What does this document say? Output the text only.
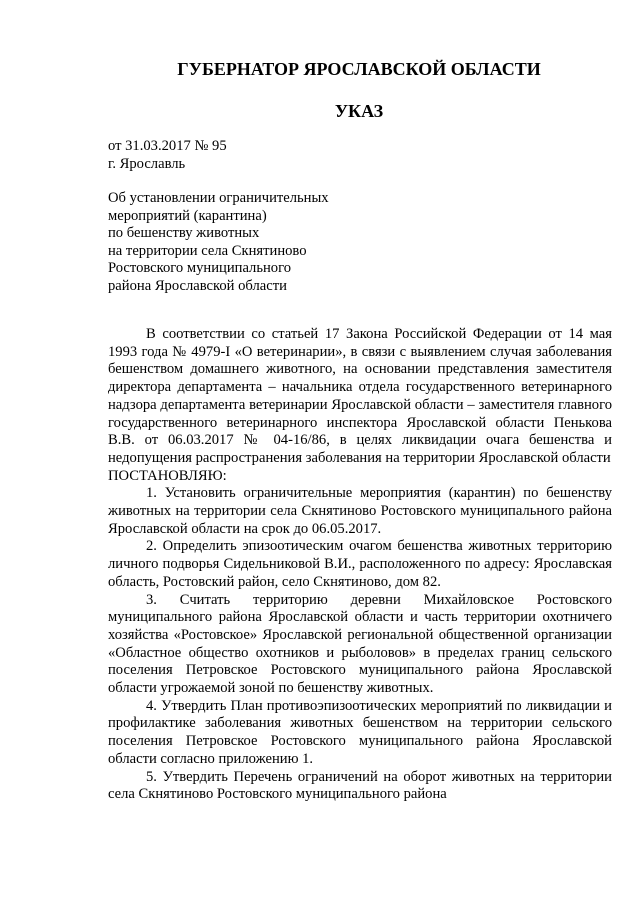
ГУБЕРНАТОР ЯРОСЛАВСКОЙ ОБЛАСТИ
УКАЗ
от 31.03.2017 № 95
г. Ярославль
Об установлении ограничительных
мероприятий (карантина)
по бешенству животных
на территории села Скнятиново
Ростовского муниципального
района Ярославской области

В соответствии со статьей 17 Закона Российской Федерации от 14 мая 1993 года № 4979-I «О ветеринарии», в связи с выявлением случая заболевания бешенством домашнего животного, на основании представления заместителя директора департамента – начальника отдела государственного ветеринарного надзора департамента ветеринарии Ярославской области – заместителя главного государственного ветеринарного инспектора Ярославской области Пенькова В.В. от 06.03.2017 № 04-16/86, в целях ликвидации очага бешенства и недопущения распространения заболевания на территории Ярославской области

ПОСТАНОВЛЯЮ:

1. Установить ограничительные мероприятия (карантин) по бешенству животных на территории села Скнятиново Ростовского муниципального района Ярославской области на срок до 06.05.2017.

2. Определить эпизоотическим очагом бешенства животных территорию личного подворья Сидельниковой В.И., расположенного по адресу: Ярославская область, Ростовский район, село Скнятиново, дом 82.

3. Считать территорию деревни Михайловское Ростовского муниципального района Ярославской области и часть территории охотничего хозяйства «Ростовское» Ярославской региональной общественной организации «Областное общество охотников и рыболовов» в пределах границ сельского поселения Петровское Ростовского муниципального района Ярославской области угрожаемой зоной по бешенству животных.

4. Утвердить План противоэпизоотических мероприятий по ликвидации и профилактике заболевания животных бешенством на территории сельского поселения Петровское Ростовского муниципального района Ярославской области согласно приложению 1.

5. Утвердить Перечень ограничений на оборот животных на территории села Скнятиново Ростовского муниципального района
